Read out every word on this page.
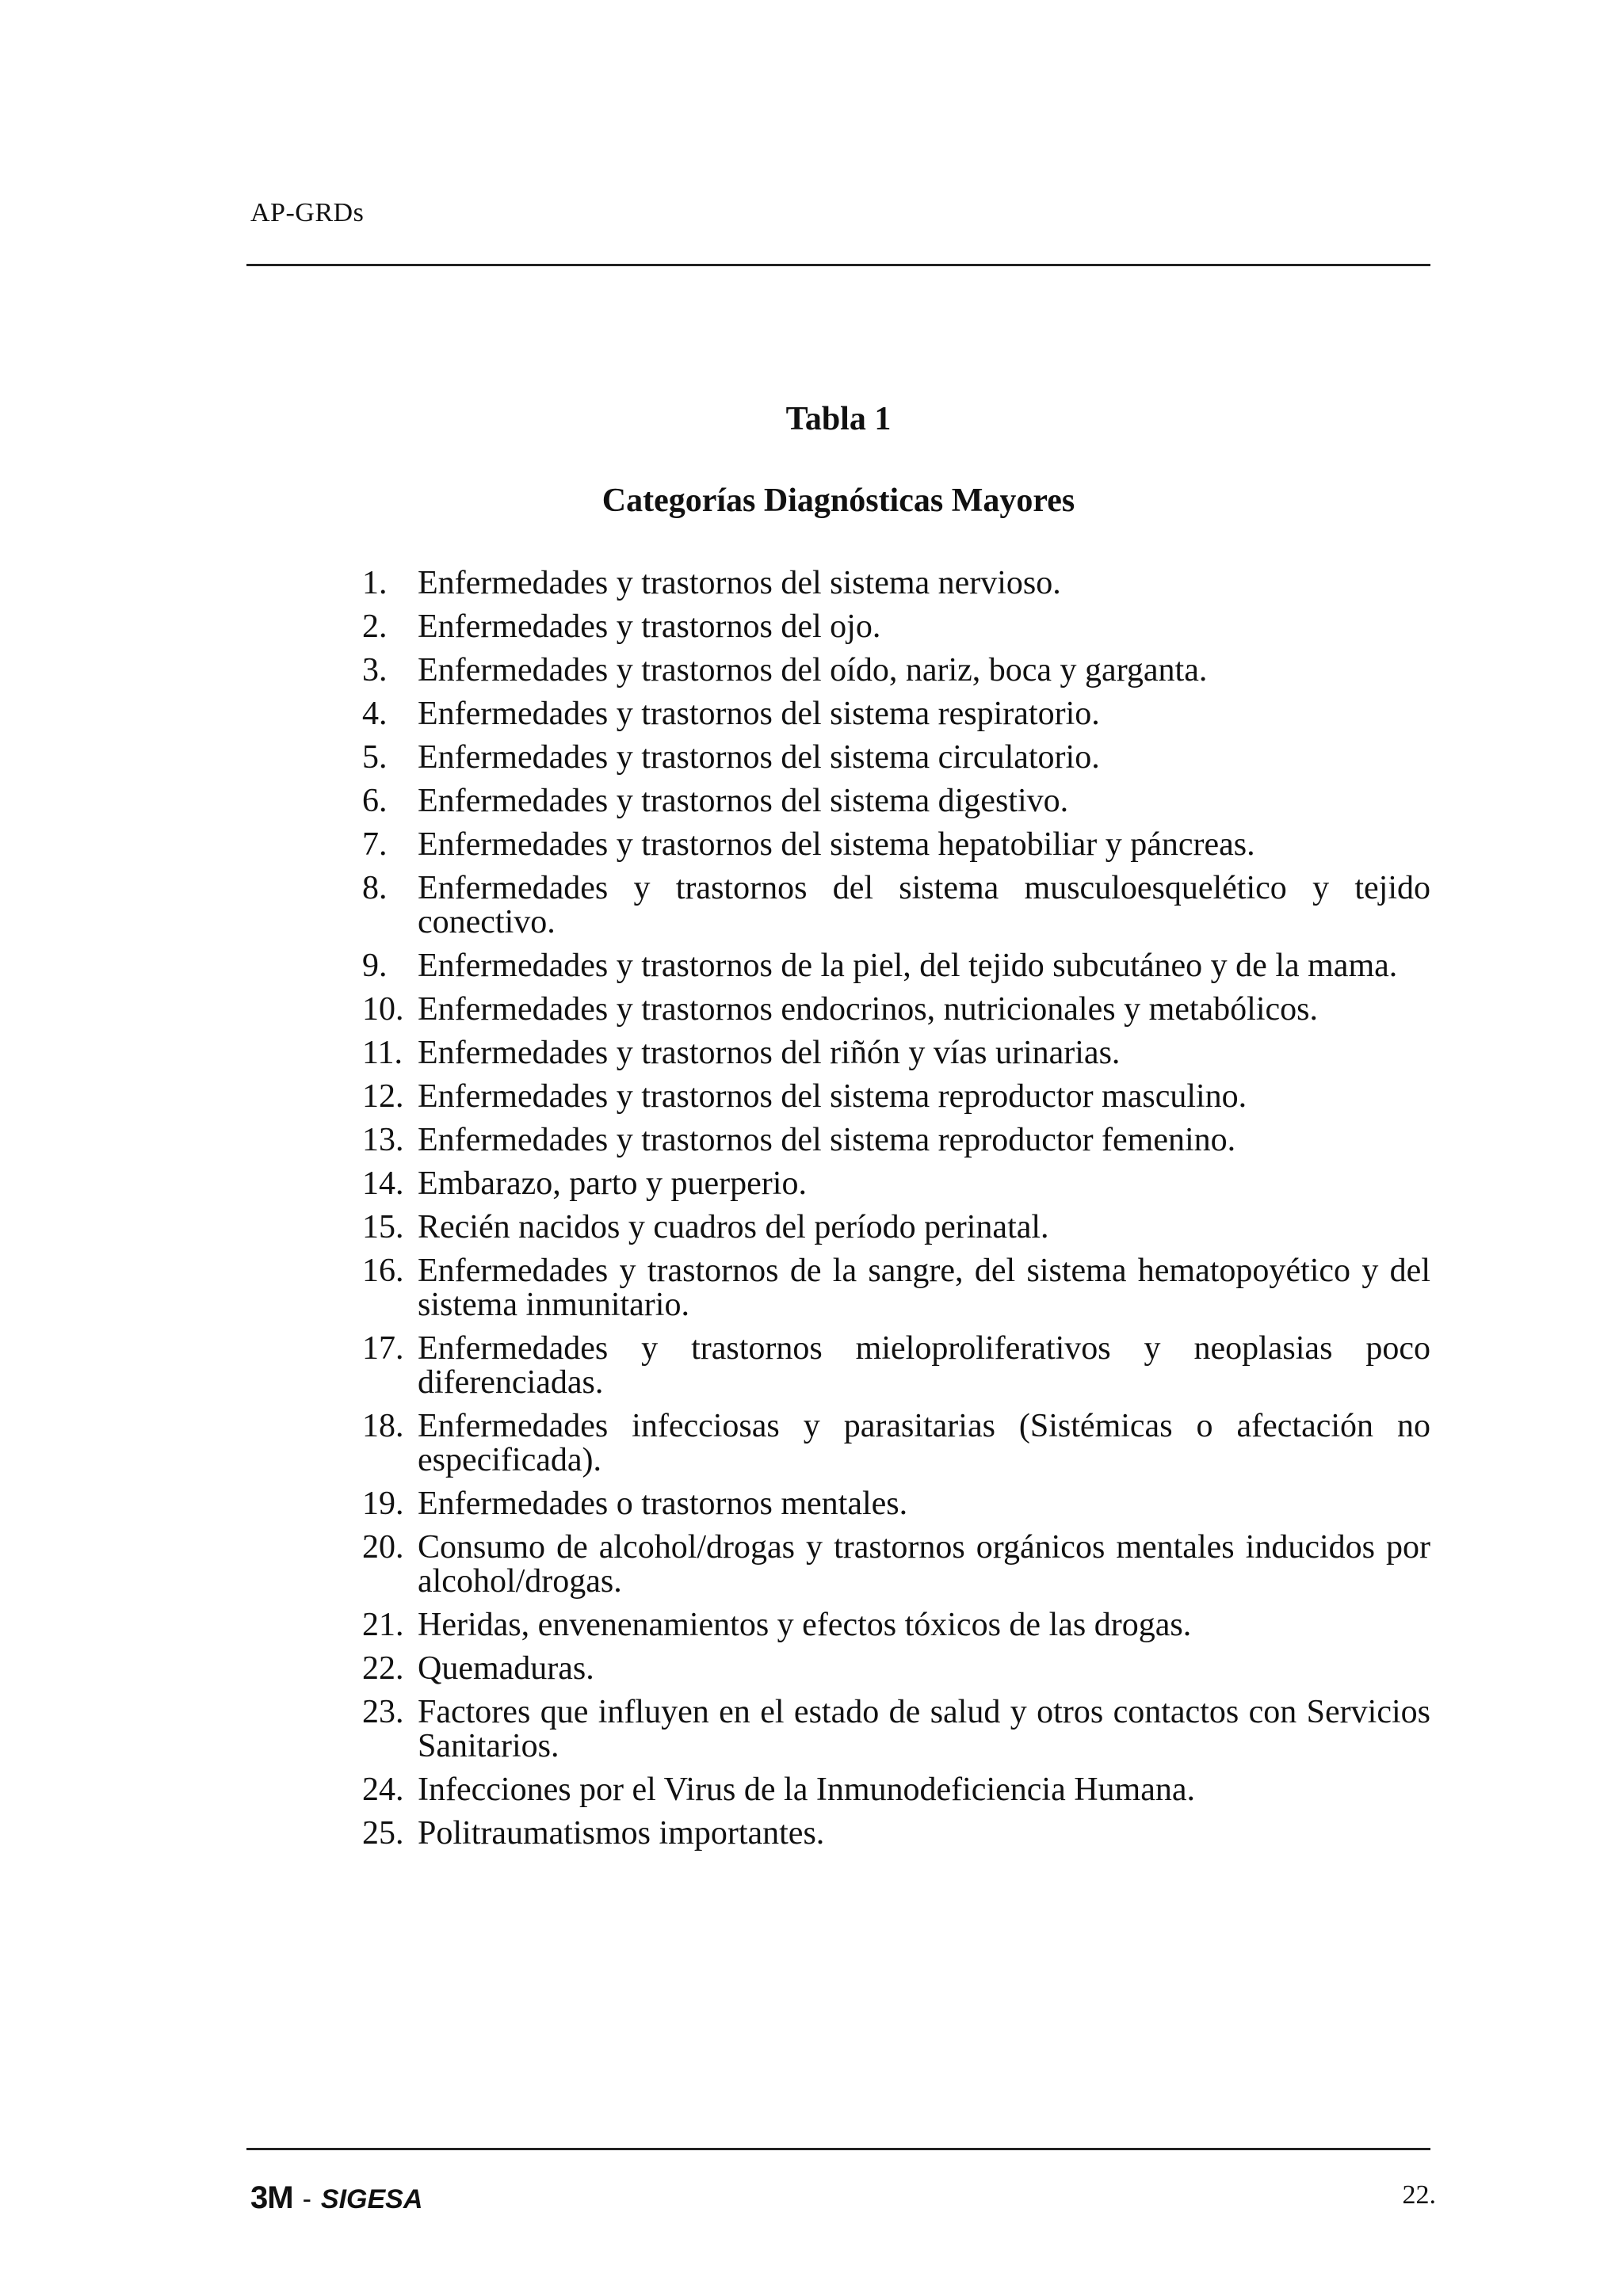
AP-GRDs
Tabla 1
Categorías Diagnósticas Mayores
1. Enfermedades y trastornos del sistema nervioso.
2. Enfermedades y trastornos del ojo.
3. Enfermedades y trastornos del oído, nariz, boca y garganta.
4. Enfermedades y trastornos del sistema respiratorio.
5. Enfermedades y trastornos del sistema circulatorio.
6. Enfermedades y trastornos del sistema digestivo.
7. Enfermedades y trastornos del sistema hepatobiliar y páncreas.
8. Enfermedades y trastornos del sistema musculoesquelético y tejido conectivo.
9. Enfermedades y trastornos de la piel, del tejido subcutáneo y de la mama.
10. Enfermedades y trastornos endocrinos, nutricionales y metabólicos.
11. Enfermedades y trastornos del riñón y vías urinarias.
12. Enfermedades y trastornos del sistema reproductor masculino.
13. Enfermedades y trastornos del sistema reproductor femenino.
14. Embarazo, parto y puerperio.
15. Recién nacidos y cuadros del período perinatal.
16. Enfermedades y trastornos de la sangre, del sistema hematopoyético y del sistema inmunitario.
17. Enfermedades y trastornos mieloproliferativos y neoplasias poco diferenciadas.
18. Enfermedades infecciosas y parasitarias (Sistémicas o afectación no especificada).
19. Enfermedades o trastornos mentales.
20. Consumo de alcohol/drogas y trastornos orgánicos mentales inducidos por alcohol/drogas.
21. Heridas, envenenamientos y efectos tóxicos de las drogas.
22. Quemaduras.
23. Factores que influyen en el estado de salud y otros contactos con Servicios Sanitarios.
24. Infecciones por el Virus de la Inmunodeficiencia Humana.
25. Politraumatismos importantes.
3M - SIGESA	22.
